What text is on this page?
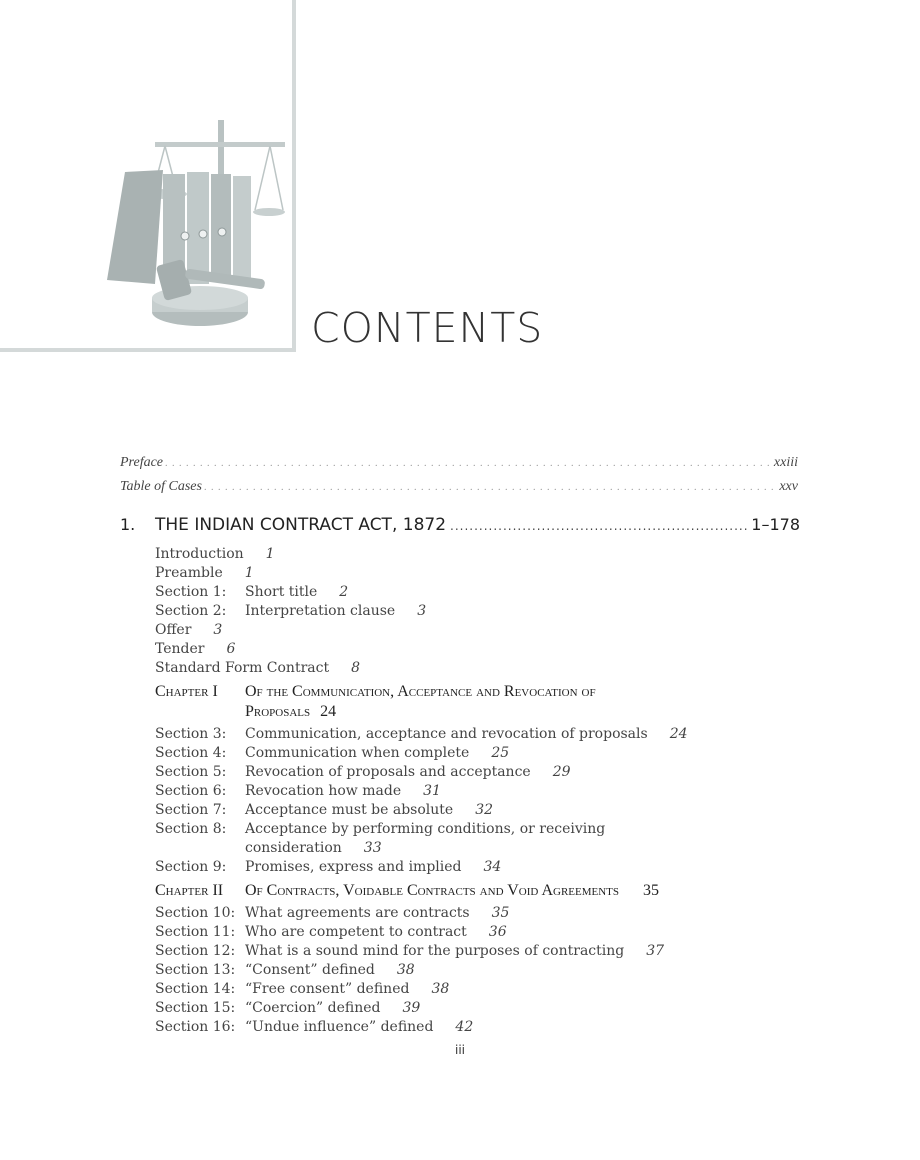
CONTENTS
Preface . . .	xxiii
Table of Cases . . .	xxv
1.	THE INDIAN CONTRACT ACT, 1872 .....	1–178
Introduction 1
Preamble 1
Section 1:	Short title 2
Section 2:	Interpretation clause 3
Offer 3
Tender 6
Standard Form Contract 8
Chapter I	Of the Communication, Acceptance and Revocation of
Proposals 24
Section 3:	Communication, acceptance and revocation of proposals 24
Section 4:	Communication when complete 25
Section 5:	Revocation of proposals and acceptance 29
Section 6:	Revocation how made 31
Section 7:	Acceptance must be absolute 32
Section 8:	Acceptance by performing conditions, or receiving
consideration 33
Section 9:	Promises, express and implied 34
Chapter II	Of Contracts, Voidable Contracts and Void Agreements 35
Section 10: What agreements are contracts 35
Section 11: Who are competent to contract 36
Section 12: What is a sound mind for the purposes of contracting 37
Section 13: “Consent” defined 38
Section 14: “Free consent” defined 38
Section 15: “Coercion” defined 39
Section 16: “Undue influence” defined 42
iii
